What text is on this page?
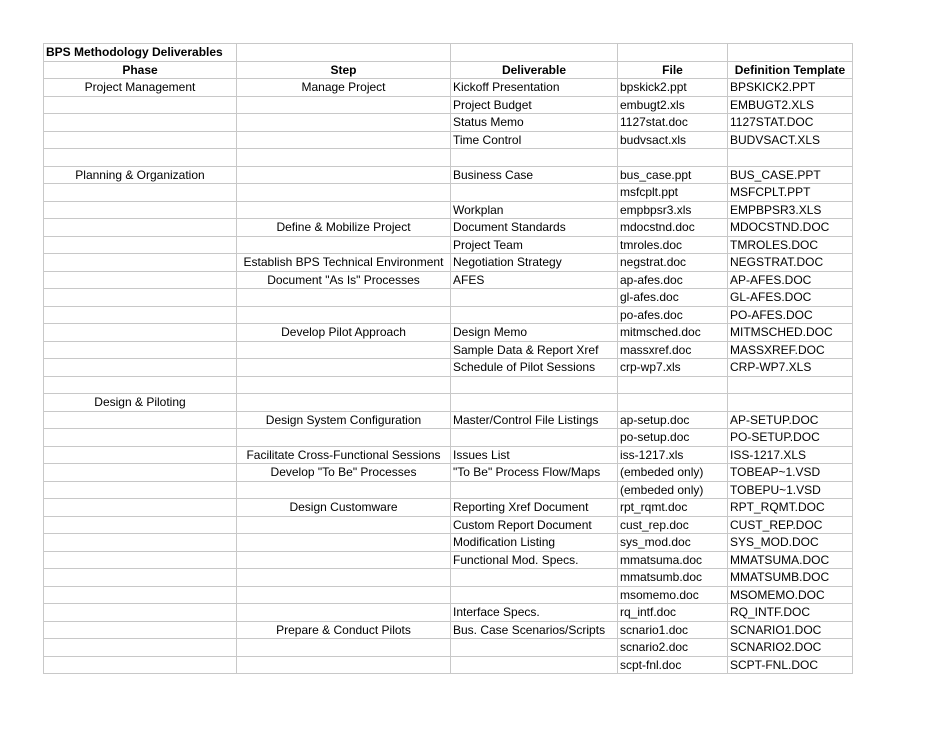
BPS Methodology Deliverables				
Phase	Step	Deliverable	File	Definition Template
Project Management	Manage Project	Kickoff Presentation	bpskick2.ppt	BPSKICK2.PPT
		Project Budget	embugt2.xls	EMBUGT2.XLS
		Status Memo	1127stat.doc	1127STAT.DOC
		Time Control	budvsact.xls	BUDVSACT.XLS

Planning & Organization		Business Case	bus_case.ppt	BUS_CASE.PPT
			msfcplt.ppt	MSFCPLT.PPT
		Workplan	empbpsr3.xls	EMPBPSR3.XLS
	Define & Mobilize Project	Document Standards	mdocstnd.doc	MDOCSTND.DOC
		Project Team	tmroles.doc	TMROLES.DOC
	Establish BPS Technical Environment	Negotiation Strategy	negstrat.doc	NEGSTRAT.DOC
	Document "As Is" Processes	AFES	ap-afes.doc	AP-AFES.DOC
			gl-afes.doc	GL-AFES.DOC
			po-afes.doc	PO-AFES.DOC
	Develop Pilot Approach	Design Memo	mitmsched.doc	MITMSCHED.DOC
		Sample Data & Report Xref	massxref.doc	MASSXREF.DOC
		Schedule of Pilot Sessions	crp-wp7.xls	CRP-WP7.XLS

Design & Piloting				
	Design System Configuration	Master/Control File Listings	ap-setup.doc	AP-SETUP.DOC
			po-setup.doc	PO-SETUP.DOC
	Facilitate Cross-Functional Sessions	Issues List	iss-1217.xls	ISS-1217.XLS
	Develop "To Be" Processes	"To Be" Process Flow/Maps	(embeded only)	TOBEAP~1.VSD
			(embeded only)	TOBEPU~1.VSD
	Design Customware	Reporting Xref Document	rpt_rqmt.doc	RPT_RQMT.DOC
		Custom Report Document	cust_rep.doc	CUST_REP.DOC
		Modification Listing	sys_mod.doc	SYS_MOD.DOC
		Functional Mod. Specs.	mmatsuma.doc	MMATSUMA.DOC
			mmatsumb.doc	MMATSUMB.DOC
			msomemo.doc	MSOMEMO.DOC
		Interface Specs.	rq_intf.doc	RQ_INTF.DOC
	Prepare & Conduct Pilots	Bus. Case Scenarios/Scripts	scnario1.doc	SCNARIO1.DOC
			scnario2.doc	SCNARIO2.DOC
			scpt-fnl.doc	SCPT-FNL.DOC
